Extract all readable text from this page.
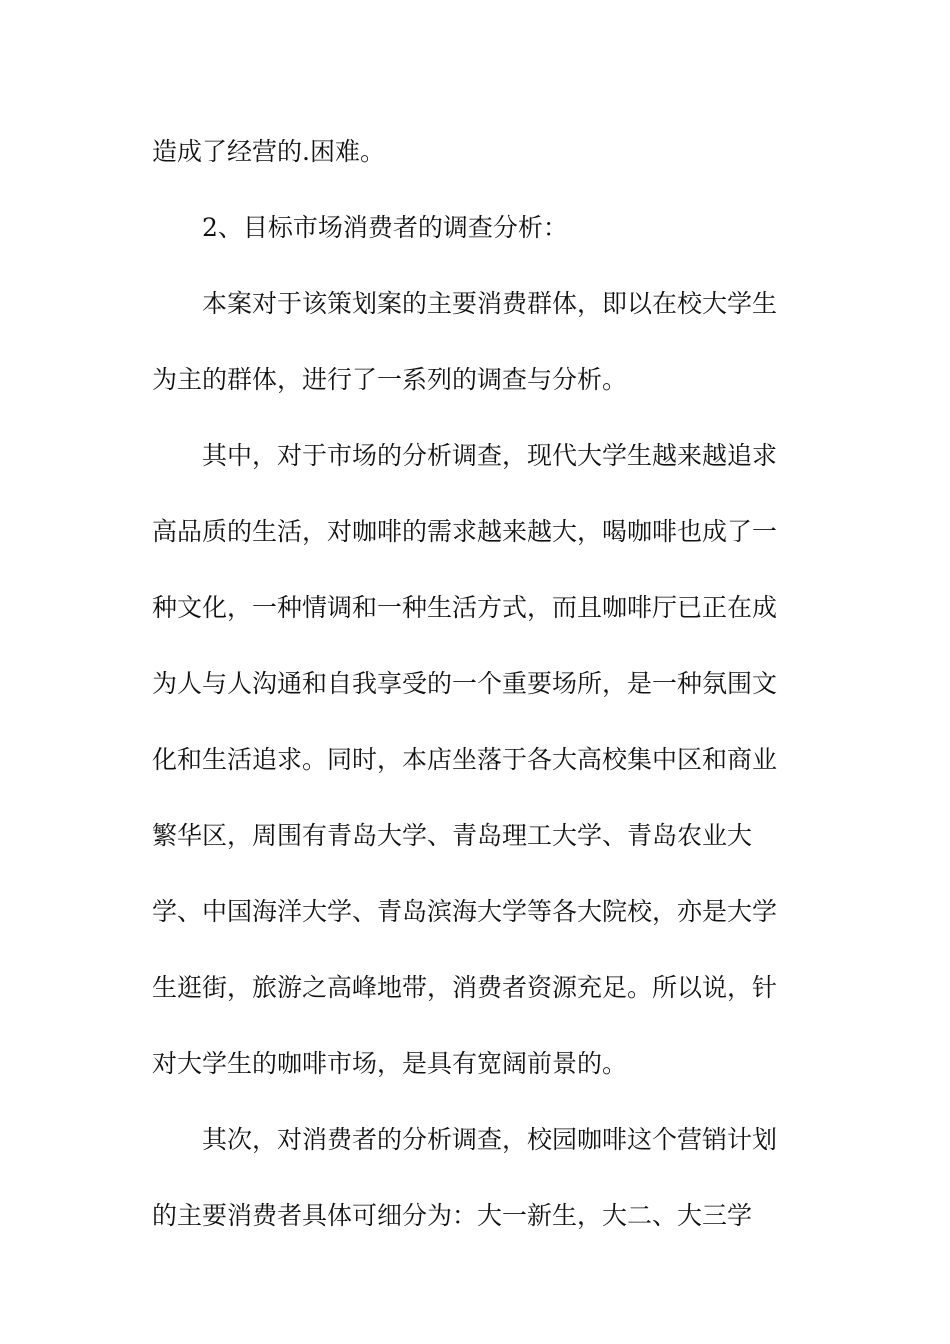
造成了经营的.困难。
2、目标市场消费者的调查分析：
本案对于该策划案的主要消费群体，即以在校大学生
为主的群体，进行了一系列的调查与分析。
其中，对于市场的分析调查，现代大学生越来越追求
高品质的生活，对咖啡的需求越来越大，喝咖啡也成了一
种文化，一种情调和一种生活方式，而且咖啡厅已正在成
为人与人沟通和自我享受的一个重要场所，是一种氛围文
化和生活追求。同时，本店坐落于各大高校集中区和商业
繁华区，周围有青岛大学、青岛理工大学、青岛农业大
学、中国海洋大学、青岛滨海大学等各大院校，亦是大学
生逛街，旅游之高峰地带，消费者资源充足。所以说，针
对大学生的咖啡市场，是具有宽阔前景的。
其次，对消费者的分析调查，校园咖啡这个营销计划
的主要消费者具体可细分为：大一新生，大二、大三学
